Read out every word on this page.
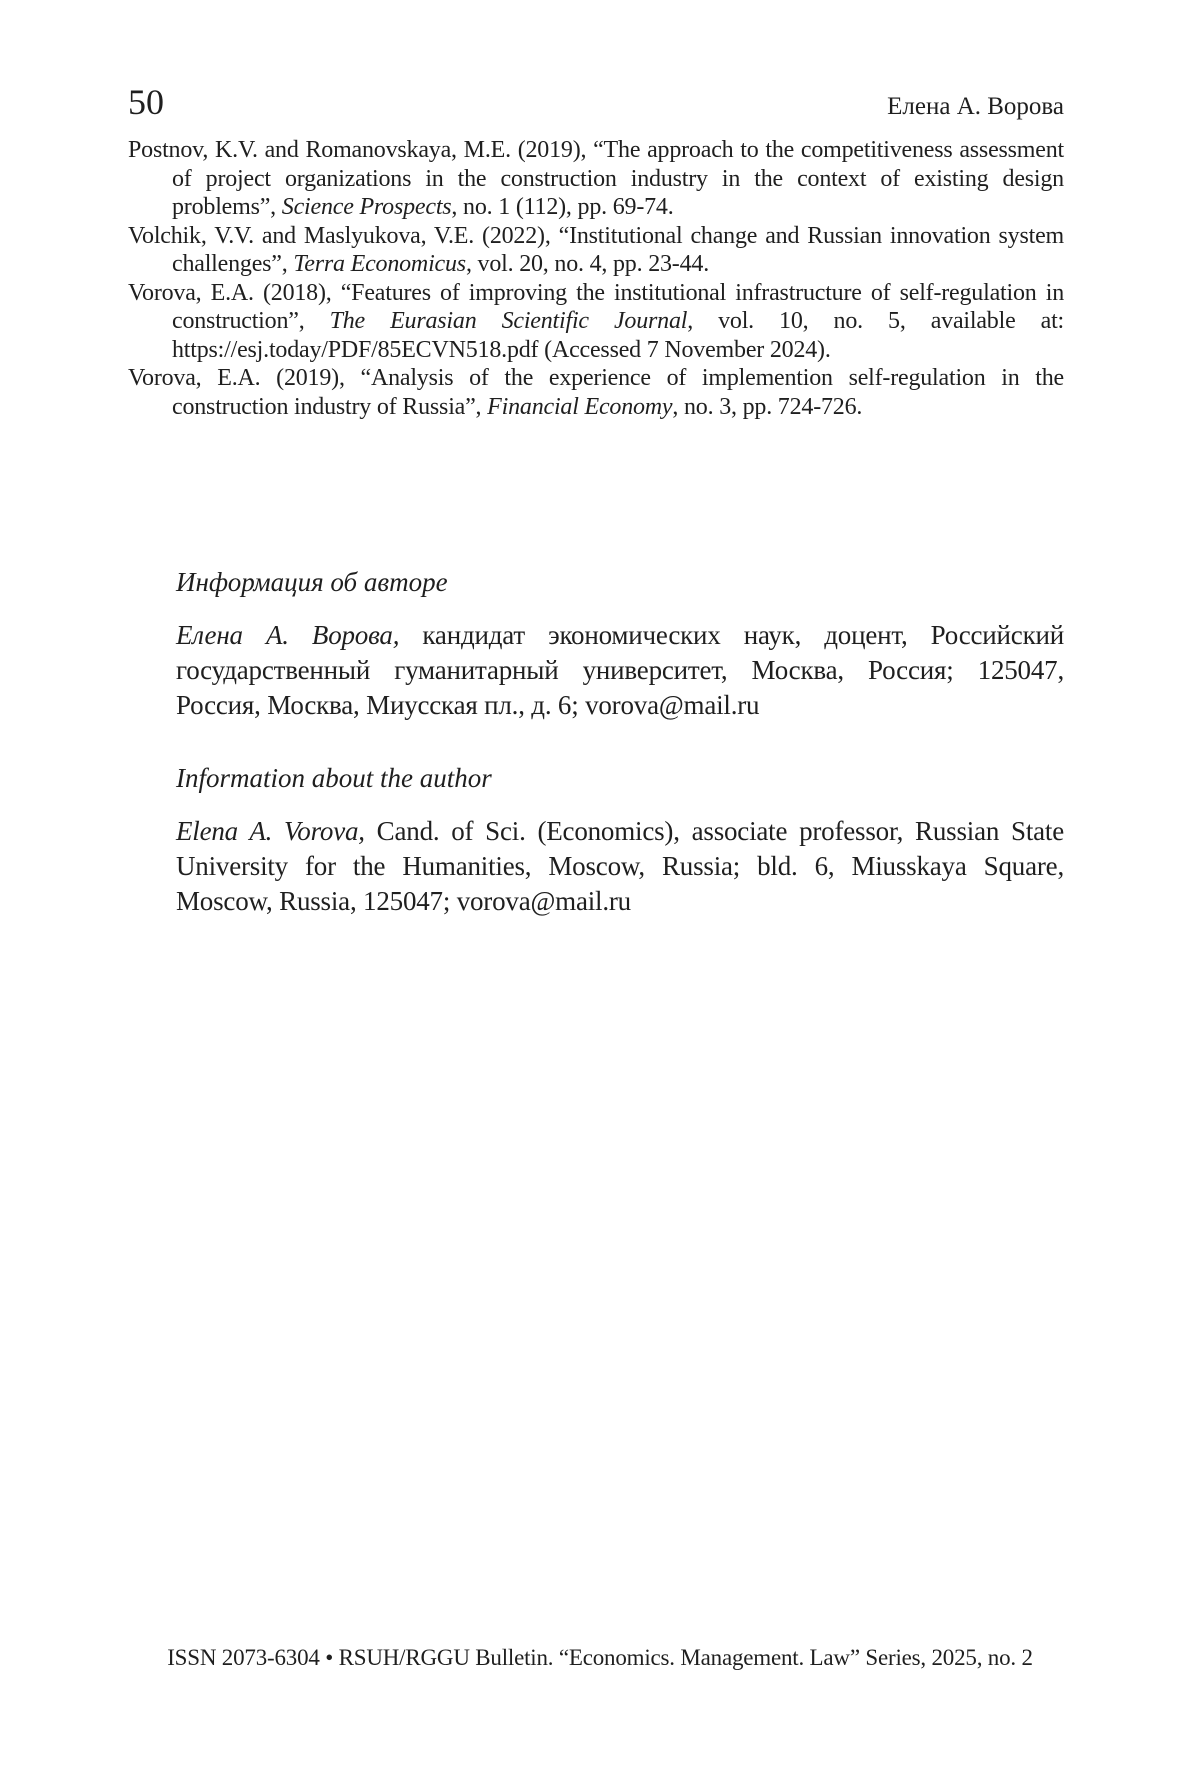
50	Елена А. Ворова

Postnov, K.V. and Romanovskaya, M.E. (2019), “The approach to the competitiveness assessment of project organizations in the construction industry in the context of existing design problems”, Science Prospects, no. 1 (112), pp. 69-74.

Volchik, V.V. and Maslyukova, V.E. (2022), “Institutional change and Russian innovation system challenges”, Terra Economicus, vol. 20, no. 4, pp. 23-44.

Vorova, E.A. (2018), “Features of improving the institutional infrastructure of self-regulation in construction”, The Eurasian Scientific Journal, vol. 10, no. 5, available at: https://esj.today/PDF/85ECVN518.pdf (Accessed 7 November 2024).

Vorova, E.A. (2019), “Analysis of the experience of implemention self-regulation in the construction industry of Russia”, Financial Economy, no. 3, pp. 724-726.

Информация об авторе

Елена А. Ворова, кандидат экономических наук, доцент, Российский государственный гуманитарный университет, Москва, Россия; 125047, Россия, Москва, Миусская пл., д. 6; vorova@mail.ru

Information about the author

Elena A. Vorova, Cand. of Sci. (Economics), associate professor, Russian State University for the Humanities, Moscow, Russia; bld. 6, Miusskaya Square, Moscow, Russia, 125047; vorova@mail.ru

ISSN 2073-6304 • RSUH/RGGU Bulletin. “Economics. Management. Law” Series, 2025, no. 2
